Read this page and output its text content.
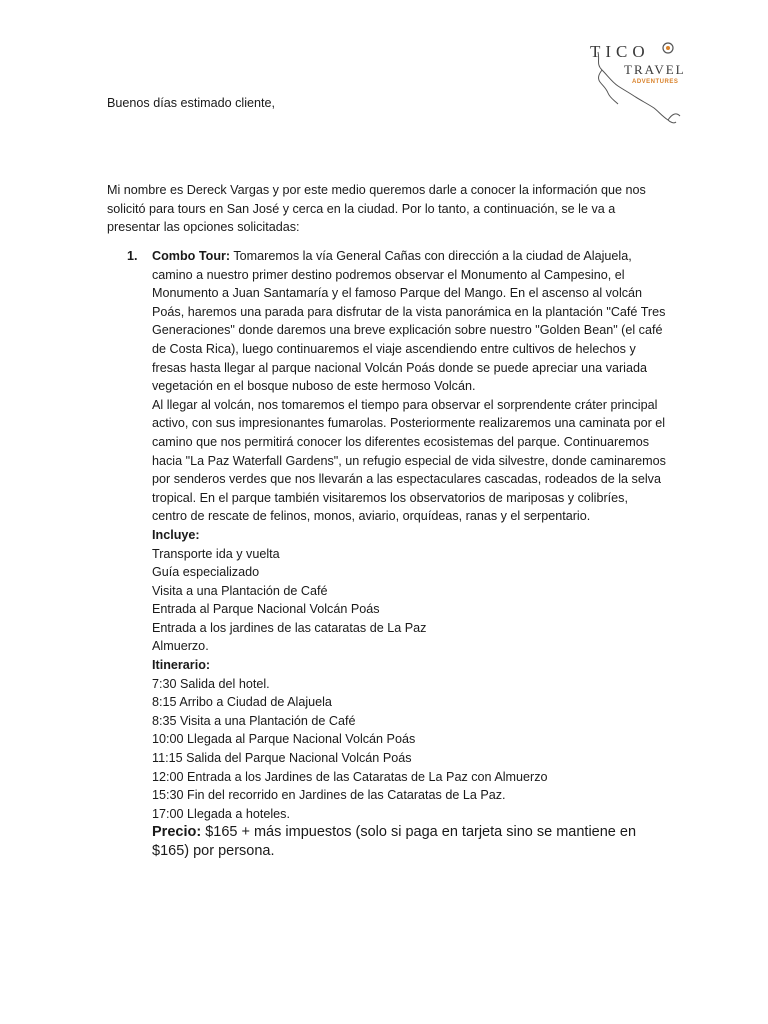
TICO
TRAVEL
ADVENTURES
Buenos días estimado cliente,
Mi nombre es Dereck Vargas y por este medio queremos darle a conocer la información que nos solicitó para tours en San José y cerca en la ciudad. Por lo tanto, a continuación, se le va a presentar las opciones solicitadas:
1. Combo Tour: Tomaremos la vía General Cañas con dirección a la ciudad de Alajuela, camino a nuestro primer destino podremos observar el Monumento al Campesino, el Monumento a Juan Santamaría y el famoso Parque del Mango. En el ascenso al volcán Poás, haremos una parada para disfrutar de la vista panorámica en la plantación "Café Tres Generaciones" donde daremos una breve explicación sobre nuestro "Golden Bean" (el café de Costa Rica), luego continuaremos el viaje ascendiendo entre cultivos de helechos y fresas hasta llegar al parque nacional Volcán Poás donde se puede apreciar una variada vegetación en el bosque nuboso de este hermoso Volcán.

Al llegar al volcán, nos tomaremos el tiempo para observar el sorprendente cráter principal activo, con sus impresionantes fumarolas. Posteriormente realizaremos una caminata por el camino que nos permitirá conocer los diferentes ecosistemas del parque. Continuaremos hacia "La Paz Waterfall Gardens", un refugio especial de vida silvestre, donde caminaremos por senderos verdes que nos llevarán a las espectaculares cascadas, rodeados de la selva tropical. En el parque también visitaremos los observatorios de mariposas y colibríes, centro de rescate de felinos, monos, aviario, orquídeas, ranas y el serpentario.

Incluye:

Transporte ida y vuelta

Guía especializado

Visita a una Plantación de Café

Entrada al Parque Nacional Volcán Poás

Entrada a los jardines de las cataratas de La Paz

Almuerzo.

Itinerario:

7:30 Salida del hotel.

8:15 Arribo a Ciudad de Alajuela

8:35 Visita a una Plantación de Café

10:00 Llegada al Parque Nacional Volcán Poás

11:15 Salida del Parque Nacional Volcán Poás

12:00 Entrada a los Jardines de las Cataratas de La Paz con Almuerzo

15:30 Fin del recorrido en Jardines de las Cataratas de La Paz.

17:00 Llegada a hoteles.

Precio: $165 + más impuestos (solo si paga en tarjeta sino se mantiene en $165) por persona.
